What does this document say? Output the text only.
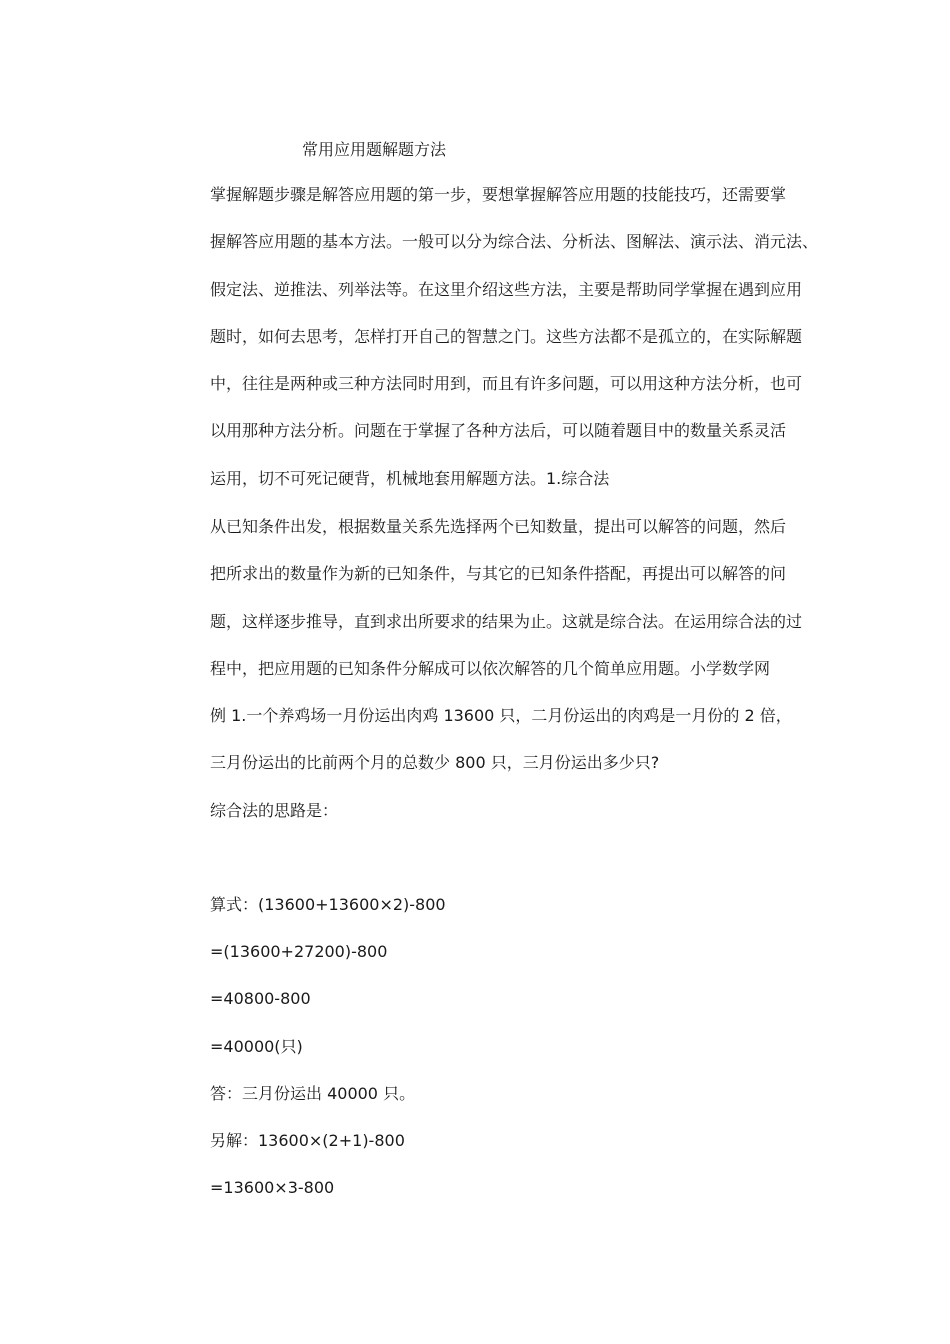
常用应用题解题方法
掌握解题步骤是解答应用题的第一步，要想掌握解答应用题的技能技巧，还需要掌
握解答应用题的基本方法。一般可以分为综合法、分析法、图解法、演示法、消元法、
假定法、逆推法、列举法等。在这里介绍这些方法，主要是帮助同学掌握在遇到应用
题时，如何去思考，怎样打开自己的智慧之门。这些方法都不是孤立的，在实际解题
中，往往是两种或三种方法同时用到，而且有许多问题，可以用这种方法分析，也可
以用那种方法分析。问题在于掌握了各种方法后，可以随着题目中的数量关系灵活
运用，切不可死记硬背，机械地套用解题方法。1.综合法
从已知条件出发，根据数量关系先选择两个已知数量，提出可以解答的问题，然后
把所求出的数量作为新的已知条件，与其它的已知条件搭配，再提出可以解答的问
题，这样逐步推导，直到求出所要求的结果为止。这就是综合法。在运用综合法的过
程中，把应用题的已知条件分解成可以依次解答的几个简单应用题。小学数学网
例 1.一个养鸡场一月份运出肉鸡 13600 只，二月份运出的肉鸡是一月份的 2 倍，
三月份运出的比前两个月的总数少 800 只，三月份运出多少只?
综合法的思路是：
算式：(13600+13600×2)-800
=(13600+27200)-800
=40800-800
=40000(只)
答：三月份运出 40000 只。
另解：13600×(2+1)-800
=13600×3-800
